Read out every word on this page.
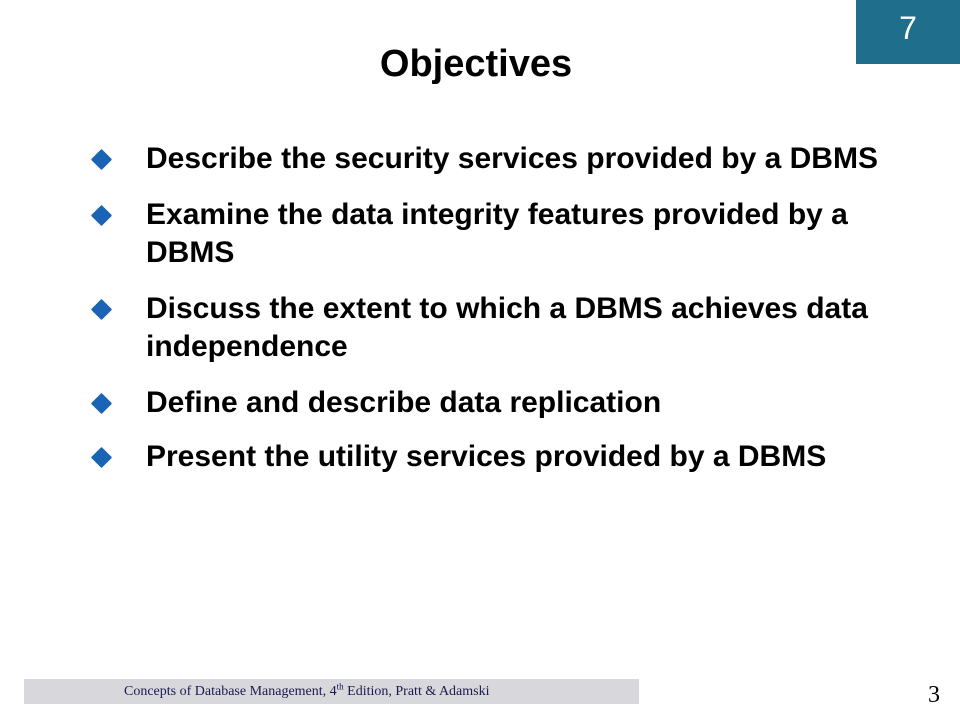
7
Objectives
Describe the security services provided by a DBMS
Examine the data integrity features provided by a DBMS
Discuss the extent to which a DBMS achieves data independence
Define and describe data replication
Present the utility services provided by a DBMS
Concepts of Database Management, 4th Edition, Pratt & Adamski	3
